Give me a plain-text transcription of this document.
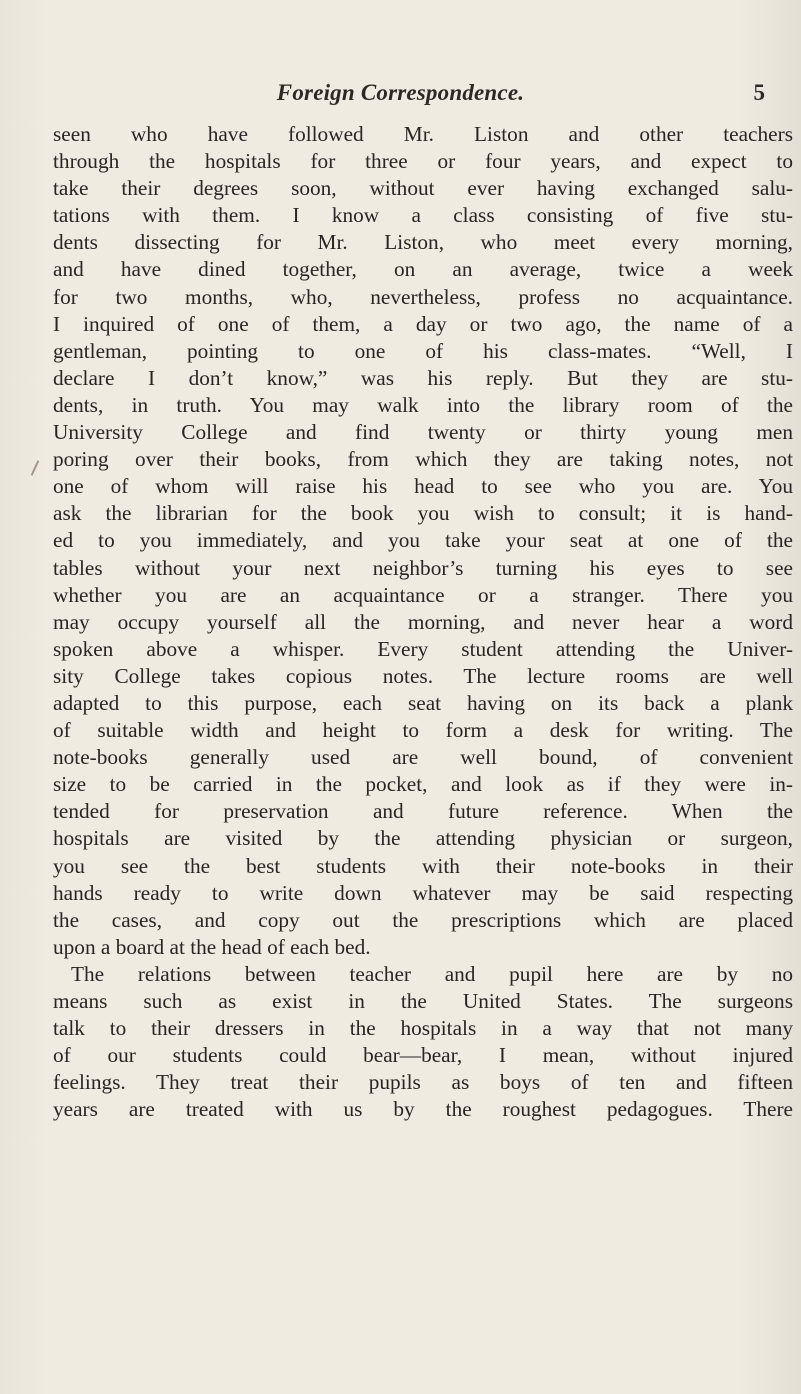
Foreign Correspondence.	5
seen who have followed Mr. Liston and other teachers
through the hospitals for three or four years, and expect to
take their degrees soon, without ever having exchanged salu-
tations with them. I know a class consisting of five stu-
dents dissecting for Mr. Liston, who meet every morning,
and have dined together, on an average, twice a week
for two months, who, nevertheless, profess no acquaintance.
I inquired of one of them, a day or two ago, the name of a
gentleman, pointing to one of his class-mates. “Well, I
declare I don’t know,” was his reply. But they are stu-
dents, in truth. You may walk into the library room of the
University College and find twenty or thirty young men
poring over their books, from which they are taking notes, not
one of whom will raise his head to see who you are. You
ask the librarian for the book you wish to consult; it is hand-
ed to you immediately, and you take your seat at one of the
tables without your next neighbor’s turning his eyes to see
whether you are an acquaintance or a stranger. There you
may occupy yourself all the morning, and never hear a word
spoken above a whisper. Every student attending the Univer-
sity College takes copious notes. The lecture rooms are well
adapted to this purpose, each seat having on its back a plank
of suitable width and height to form a desk for writing. The
note-books generally used are well bound, of convenient
size to be carried in the pocket, and look as if they were in-
tended for preservation and future reference. When the
hospitals are visited by the attending physician or surgeon,
you see the best students with their note-books in their
hands ready to write down whatever may be said respecting
the cases, and copy out the prescriptions which are placed
upon a board at the head of each bed.
The relations between teacher and pupil here are by no
means such as exist in the United States. The surgeons
talk to their dressers in the hospitals in a way that not many
of our students could bear—bear, I mean, without injured
feelings. They treat their pupils as boys of ten and fifteen
years are treated with us by the roughest pedagogues. There
